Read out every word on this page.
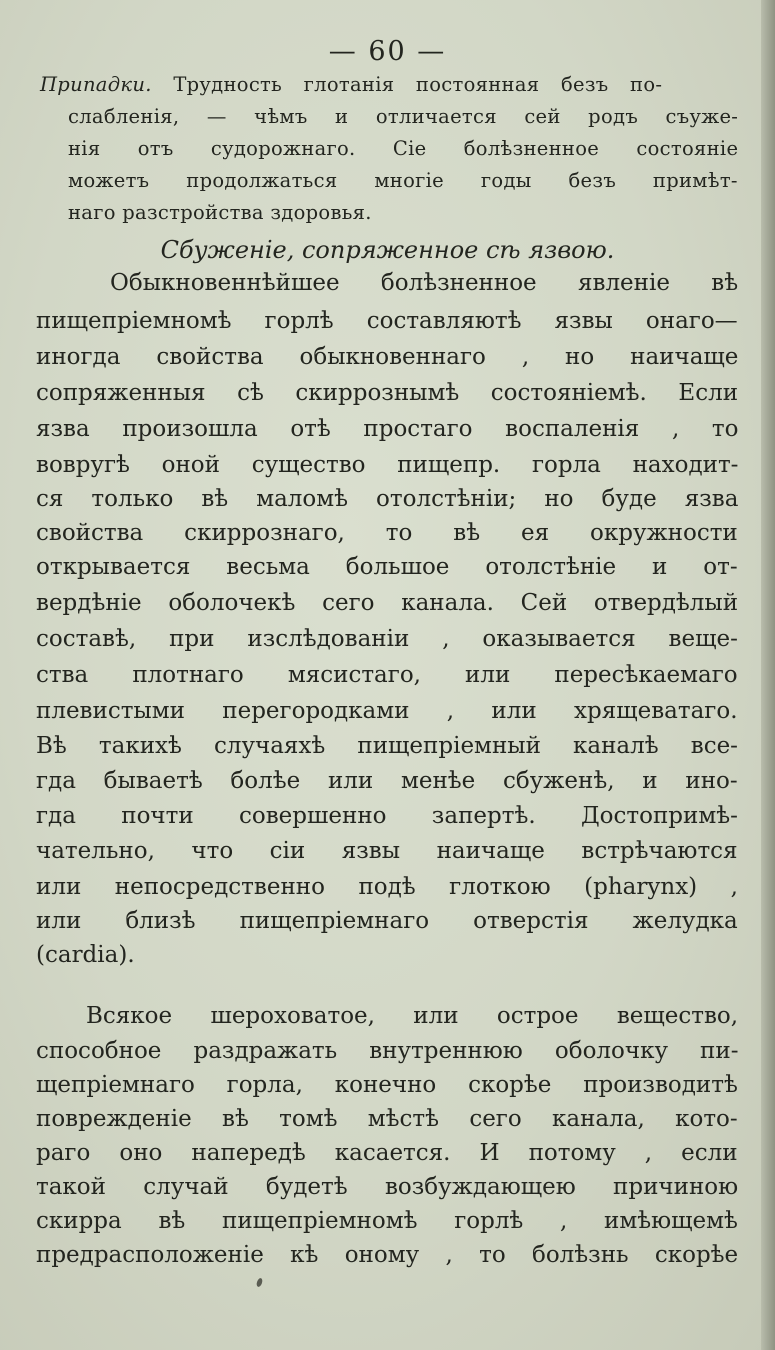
— 60 —
Припадки. Трудность глотанія постоянная безъ по-
слабленія, — чѣмъ и отличается сей родъ съуже-
нія отъ судорожнаго. Сіе болѣзненное состояніе
можетъ продолжаться многіе годы безъ примѣт-
наго разстройства здоровья.
Сбуженіе, сопряженное сѣ язвою.
Обыкновеннѣйшее болѣзненное явленіе вѣ
пищепріемномѣ горлѣ составляютѣ язвы онаго—
иногда свойства обыкновеннаго , но наичаще
сопряженныя сѣ скиррознымѣ состояніемѣ. Если
язва произошла отѣ простаго воспаленія , то
вовругѣ оной существо пищепр. горла находит-
ся только вѣ маломѣ отолстѣніи; но буде язва
свойства скиррознаго, то вѣ ея окружности
открывается весьма большое отолстѣніе и от-
вердѣніе оболочекѣ сего канала. Сей отвердѣлый
составѣ, при изслѣдованіи , оказывается веще-
ства плотнаго мясистаго, или пересѣкаемаго
плевистыми перегородками , или хрящеватаго.
Вѣ такихѣ случаяхѣ пищепріемный каналѣ все-
гда бываетѣ болѣе или менѣе сбуженѣ, и ино-
гда почти совершенно запертѣ. Достопримѣ-
чательно, что сіи язвы наичаще встрѣчаются
или непосредственно подѣ глоткою (pharynx) ,
или близѣ пищепріемнаго отверстія желудка
(cardia).
Всякое шероховатое, или острое вещество,
способное раздражать внутреннюю оболочку пи-
щепріемнаго горла, конечно скорѣе производитѣ
поврежденіе вѣ томѣ мѣстѣ сего канала, кото-
раго оно напередѣ касается. И потому , если
такой случай будетѣ возбуждающею причиною
скирра вѣ пищепріемномѣ горлѣ , имѣющемѣ
предрасположеніе кѣ оному , то болѣзнь скорѣе
